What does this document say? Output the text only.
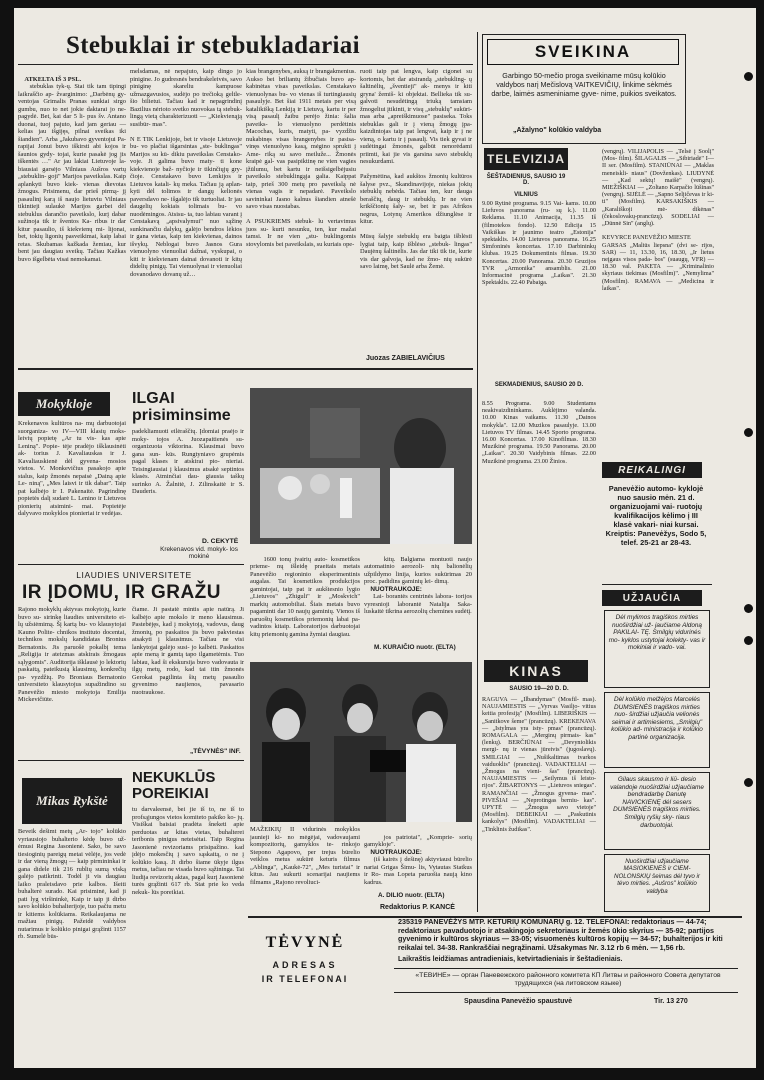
Stebuklai ir stebukladariai

ATKELTA IŠ 3 PSL.
stebuklas tyk‑ų. Stai tik tam tipingi laikraščio ap‑ žvarginimo: „Darbėnų gy‑ ventojas Grimalis Pranas sunkiai sirgo gumbu, nuo to net jokie daktarai jo ne‑ pagydė. Bet, kai dar 5 li‑ pus šv. Antano duonai, tuoj pajuto, kad jam geriau — kelias jau išgijęs, pilnai sveikas iki šiandien". Arba „Jakubavo gyventojui Pa‑ rapijai Jonui buvo iškirsti abi kojos ir šaunios gydy‑ tojai, kurie pasakė jog jis iškentės …" Ar jau lakiai Lietuvoje la‑ biausiai garsėjo Vilniaus Aušros vartų „stebuklin‑ goji" Marijos paveikslas. Kaip aplankyti buvo kiek‑ vienas dievotas žmogus. Prisimenu, dar prieš pirmą‑ jį pasaulinį karą iš naujo lietuviu Vilniaus tikintieji sulaukė Marijos garbei dėl stebuklus darančio paveikslo, kurį dabar sužinoja tik ir šventos Ka‑ ribus ir dar kitur pasaulio, iš kiekvienų mi‑ lijonai, bet, tokių ligonių pasveikimai, kaip labai retas. Skubamas kažkada žemiau, kur bent jau daugiau sveikų. Tačiau Kažkas buvo išgelbėta visai nemokamai.

melsdamas, nė nepajuto, kaip dingo jo pinigine. Jo gudresnės bendrakeleivės, savo piniginę skareliu kampuose užmazgavusios, sudėjo po trečioką geltle‑ šio bilietui. Tačiau kad ir nepagrindinį Bazilius nėrioto svetko nuovokas tą stebuk‑ lingą vietą charakterizuoti — „Kiekvienąją susibūr‑ mas".

N E TIK Lenkijoje, bet ir visoje Lietuvoje bu‑ vo plačiai išgarsintas „ste‑ buklingas" Marijos su kū‑ dikiu paveikslas Censtako‑ voje. Ji galima buvo maty‑ ti kone kiekvienoje baž‑ nyčioje ir tikinčiųjų gry‑ čioje. Censtakavo buvo Lenkijos ir Lietuvos katali‑ kų meka. Tačiau ją aplan‑ kyti dėl tolimos ir dangų kelionės paversdavo ne‑ išgalėjo tik turtuoliai. Ir jau daugelių kokiais tolimais bu‑ vo nuodėmingos. Atsisu‑ ta, tuo labiau varant į Censtakavą „apsivalymui" nuo sąžinę sunkinančiu dalykų, galėjo bendros lėkios ir gana vietas, kaip ten kiekvienas, dainos išvykų. Neblogai buvo Jasnos Gura vienuolyno vienuoliai dažnai, vyskupai, o kiti ir kiekvienam dainai dovanoti ir kitų didelių pinigų. Tai vienuolynai ir vienuoliai dovanodavo dovanų už…
kias brangenybes, auksą ir brangakmenius. Aukso bei briliantų žibučiais buvo ap‑ kabinėtas visas paveikslas. Censtakavo vienuolynas bu‑ vo vienas iš turtingiausių pasaulyje. Bet šiai 1911 metais per visą katalikišką Lenkiją ir Lietuvą, kartu ir per visą pasaulį žaibu perėjo žinia: šalia paveiks‑ lo vienuolyno perdėtinis Macochas, kuris, matyti, pa‑ vyzdžiu nukabinęs visas brangenybes ir pasisa‑ vinęs vienuolyno kasą, mėgino sprukti į Ame‑ riką su savo meiluže... Žmonės kraipė gal‑ vas pasipiktinę ne vien vagies įžūlumu, bet kartu ir neišsigelbėjusiu paveikslo stebuklingąja galia. Kaippat taip, prieš 300 metų pro paveikslą nė vienas vagis ir nepadarė. Paveikslo savininkai Jasno kalnus šiandien atnešė savo visas nuostabas.

A PSUKRIEMS stebuk‑ lu vertavimus juos su‑ kurti nesunku, ten, kur mažai tamsi. Ir ne vien „stu‑ buklingomis stovylomis bei paveikslais, su kuriais ope‑
ruoti taip pat lengva, kaip cigonei su kortomis, bet dar atsirandą „stebukling‑ ų šaltinėlių, „šventieji" ak‑ menys ir kiti gryna' žemiš‑ ki objektai. Bellieka tik su‑ galvoti nesudėtingą triuką tamsiam žmogeliui įtikinti, ir visų „stebuklų" sukūri‑ mas arba „apreiškimuose" pasiseka. Toks stebuklas gali ir į vieną žmogų įpa‑ kaizdintojas taip pat lengvai, kaip ir į ne vieną, o kartu ir į pasaulį. Vis tiek gyvai ir sudėtingai žmonės, galbūt nenorėdami priimti, kai jie vis garsina savo stebuklų nesukurdami.

Pažymėtina, kad aukštos žmonių kultūros šalyse pvz., Skandinavijoje, niekas jokių stebuklų nebėda. Tačiau ten, kur dauga beraščių, daug ir stebuklų. Ir ne vien krikščionių šaly‑ se, bet ir pas Afrikos negrus, Lotynų Amerikos džiunglėse ir kitur.

Mūsų šalyje stebuklų era baigta išblėsti lygiai taip, kaip išblėso „stebuk‑ lingas" Daujėnų šaltinėlis. Jas dar tiki tik tie, kurie vis dar galvoja, kad ne žmo‑ nių sukūrė savo laimę, bet Saulė arba Žemė.
Juozas ZABIELAVIČIUS
SVEIKINA
Garbingo 50-mečio proga sveikiname mūsų kolūkio valdybos narį Mečislovą VAITKEVIČIŲ, linkime sėkmės darbe, laimės asmeniniame gyve‑ nime, puikios sveikatos.
„Ažalyno" kolūkio valdyba
TELEVIZIJA
ŠEŠTADIENIUS, SAUSIO 19 D.
VILNIUS
9.00 Rytinė programa. 9.15 Vai‑ kams. 10.00 Liefuvos panorama (ru‑ sų k.). 11.00 Reklama. 11.10 Animacija, 11.35 Iš (filmotekos fondo). 12.50 Edicija 15 Vaikiškas ir jaunimo teatro „Estonija" spektaklis. 14.00 Lietuvos panorama. 16.25 Simfoninės koncertas. 17.10 Darbininkų klubas. 19.25 Dokumentinis filmas. 19.30 Koncertas. 20.00 Panorama. 20.30 Gruzijos TVR „Armonika" ansamblis. 21.00 Informacinė programa „Laikas". 21.30 Spektaklis. 22.40 Pabaiga.
SEKMADIENIUS, SAUSIO 20 D.
8.55 Programa. 9.00 Studentams neakivaizdininkams. Auklėjimo valanda. 10.00 Kinas vaikams. 11.30 „Dainos mokykla". 12.00 Muzikos pasaulyje. 13.00 Lietuvos TV filmas. 14.45 Sporto programa. 16.00 Koncertas. 17.00 Kinofilmas. 18.30 Muzikinė programa. 19.50 Panorama. 20.00 „Laikas". 20.30 Vaidybinis filmas. 22.00 Muzikinė programa. 23.00 Žinios.
(vengrų). VILIJAPOLIS — „Telsė į Soolį" (Mos‑ film). ŠILAGALIS — „Sibiriadė" I—II ser. (Mosfilm). STANIŪNAI — „Maklas meneiskli‑ niaus" (Dovženkas). LIUDYNĖ — „Kad sektų! maišė" (vengrų). MIEŽIŠKIAI — „Zoltano Karpačio lūšinas" (vengrų). SIJĖLĖ — „Sapno Seljičevas ir ki‑ ti" (Mosfilm). KARSAKIŠKIS — „Karališkoji mė‑ dikėnas" (čekoslovakų‑prancūzų). SODELIAI — „Dūnnė Sin" (anglų).

KEVYRCE PANEVĖŽIO MIESTE
GARSAS „Maliūs liepsna" (dvi se‑ rijos, SAR) — 11, 13.30, 16, 18.30, „Ir lietus neįgaus visos pada‑ bos" (suaugų, VFR) — 18.30 val. PAKETA — „Kriminalinio skyriaus tiekimas (Mosfilm)". „Nemylima" (Mosfilm). RAMAVA — „Medicina ir laikas".
REIKALINGI
Panevėžio automo‑ kyklojė nuo sausio mėn. 21 d. organizuojami vai‑ ruotojų kvalifikacijos kėlimo į III klasė vakari‑ niai kursai. Kreiptis: Panevėžys, Sodo 5, telef. 25‑21 ar 28‑43.
UŽJAUČIA
Dėl mylimos tragiškos mirties nuoširdžiai už‑ jaučiame Aldoną PAKILAI‑ TĘ. Smilgių vidurinės mo‑ kyklos ustytojai kolekty‑ vas ir mokiniai ir vado‑ vai.
Dėl kolūkio melžėjos Marcelės DUMSIENĖS tragiškos mirties nuo‑ širdžiai užjaučia velionės seimai ir artimiesiems, „Smilgių" kolūkio ad‑ ministracija ir kolūkio partinė organizacija.
Gilaus skausmo ir liū‑ desio valandoje nuoširdžiai užjaučiame bendradarbę Danutę NAVICKIENĘ dėl sesers DUMSIENĖS tragiškos mirties. Smilgių ryšių sky‑ riaus darbuotojai.
Nuoširdžiai užjaučiame MASIOKIENES ir CIEM‑ NOLONSKIŲ šeimas dėl tyvo ir tėvo mirties. „Aušros" kolūkio valdyba
KINAS
SAUSIO 19—20 D. D.
RAGUVA — „Ilbandymas" (Mosfil‑ mas). NAUJAMIESTIS — „Vyrvas Vasiljo‑ vitius keitia profesiją" (Mosfilm). LIBERIŠKIS — „Sanitkove šeme" (prancūzų). KREKENAVA — „Istylmas yra isty‑ pmas" (prancūzų). ROMAGALA — „Merginų pirmais‑ kas" (lenkų). BERČIŪNAI — „Devyniolikis mergi‑ nų ir vienas jūreivis" (jugoslavų). SMILGIAI — „Nušikaltimas tvarkos vaiduoklis" (prancūzų). VADAKTELIAI — „Žmogus na vieni‑ šas" (prancūzų). NAUJAMIESTIS — „Seilymus iš leisto‑ rijos". ŽIBARTONYS — „Lietuvos sniegas". RAMANČIAI — „Žmogus gyvena‑ mas". PIVEŠIAI — „Neprotingas berniu‑ kas". UPYTĖ — „Žmogus savo vietoje" (Mosfilm). DEBEIKIAI — „Paskutinis kankolys" (Mosfilm). VADAKTELIAI — „Tinklinis žudikas".
Mokykloje
Krekenavos kultūros na‑ mų darbuotojai suorganiza‑ vo IV—VIII klasių moks‑ leivių popietę „Ar tu vis‑ kas apie Leniną". Popie‑ tėje pradėjo išklausinėti ak‑ torius J. Kavaliauskas ir J. Kavaliauskienė dėl gyvena‑ mosios vietos. V. Monkevičius pasakojo apie stalus, kaip žmonės nepaisė „Dainą apie Le‑ niną", „Mes laisvi ir tik dabar". Taip pat kalbėjo ir I. Pakenaitė. Pagrindinę popietės dalį sudarė L. Lenino ir Lietuvos pionierių atsimini‑ mai. Popietėje dalyvavo mokyklos pionieriai ir vedėjas.
ILGAI prisiminsime
padekliamuoti eilėraščių. Įdomiai praėjo ir moky‑ tojos A. Juozapaitienės su‑ organizuota viktorina. Klausimai buvo gana sun‑ kūs. Rungtyniavo grupėmis pagal klases ir atskirai pio‑ nieriai. Teisingiausiai į klausimus atsakė septintos klasės. Atminčiai dau‑ giausia taškų surinko A. Žalnitė, J. Zilinskaitė ir S. Dauderis.
D. CEKYTĖ
Krekenavos vid. mokyk‑ los mokinė	1600 tonų įvairių auto‑ kosmetikos prieme‑ nų išleidę praeitais metais Panevėžio regioninio eksperimentinis augalas. Tai kosmetikos produkcijos gamintojai, taip pat ir aukštesnio lygio „Lietuvos" „Zhiguli" ir „Moskvich" markių automobiliai. Šiais metais buvo pagaminti dar 10 naujų gaminių. Vienos iš paruoštų kosmetikos priemonių labai pa‑ vadintos kitaip. Laboratorijos darbuotojai kitų priemonių gamina žymiai daugiau.

kitų. Balgiama montuoti naujo automatinio aerozoli‑ nių balionėlių užpildymo linija, kurios sukūrimas 20 proc. padidins gaminių lei‑ dimą.
NUOTRAUKOJE:
Lai‑ borantės centrinės labora‑ torijos vyresnioji laborantė Natalija Saka‑ luskaitė tikrina aerozolių chemines sudėtį.

M. KURAIČIO nuotr. (ELTA)
LIAUDIES UNIVERSITETE
IR ĮDOMU, IR GRAŽU
Rajono mokyklų aktyvas mokytojų, kurie buvo su‑ sirinkę liaudies universiteto ei‑ lų užsiėmimą. Šį kartą bu‑ vo klausytojai Kauno Polite‑ chnikos instituto docentai, technikos mokslų kandidatas Bronius Bernatonis. Jis paruošė pokalbį tema „Religija ir ateizmas atskirais žmogaus sąlygomis". Auditorija išklausė jo lektorių paskaitą, pateikusią klausimų, konkrečių pa‑ vyzdžių. Po Broniaus Bernatonio universiteto klausytojus supažindino su Panevėžio miesto mokytoja Emilija Mickevičiūte.
čiame. Ji pastatė mintis apie natūrą. Ji kalbėjo apie mokslo ir meno klausimus. Pastebėjęs, kad į mokytoją, vadovus, daug žmonių, po paskaitos jis buvo pakviestas atsakyti į klausimus. Tačiau ne visi lankytojai galėjo susi‑ jo kalbėti. Paskaitos apie meną ir gamtą tapo ilgametėmis. Tuo labiau, kad ši ekskursija buvo vadovauta ir ilgų metų, rodo, kad tai itin žmonės Gerokai pagilinta šių metų pasaulio gyvenimo naujienos, pavasario nuotraukose.
„TĖVYNĖS" INF.
MAŽEIKIŲ II vidurinės mokyklos jaunieji ki‑ no mėgėjai, vadovaujami kompozitorių, gamyklos te‑ rinkojo Stepono Agapovo, per trejus būrelio veiklos metus sukūrė keturis filmus „Ablinga", „Kaukė‑72", „Mes turistai" ir kitus. Jau sukurti scenarijai naujiems filmams „Rajono revoliuci‑

jos patriotai", „Komprie‑ sorių gamykloje".
NUOTRAUKOJE:
(iš kairės į dešinę) aktyviausi būrelio nariai Grigas Šimu‑ lis, Vytautas Statkus ir Ro‑ mas Lopeta paruošia naują kino kadrus.

A. DILIO nuotr. (ELTA)
Redaktorius P. KANCĖ
Mikas Rykštė
Beveik dešimt metų „Ar‑ tojo" kolūkio vyriausiojo buhalterio kėdę buvo už‑ ėmusi Regina Jasonienė. Sako, be savo tiesioginių pareigų metai vėlėje, jos vedė ir dar vieną žmogų — kaip pirmininkai ir gana didele tik 216 rublių sumą viską galėjo patikrinti. Todėl ji vis daugiau laiko praleisdavo prie kalbos. Išeiti buhalterė surado. Kai prisiminė, kad ji pati lyg viršininkė, Kaip ir taip ji dirbo savo kolūkio buhalterijoje, tuo pačiu metu ir kitiems kolūkiams. Reikalaujama ne mažiau pinigų. Pažeidė valdybos nutarimus ir kolūkio pinigai grąžinti 1157 rb. Sumelė būs‑
NEKUKLŪS POREIKIAI
tu darvaleensė, bei jie iš to, ne iš to profsąjungos vietos komiteto pakiko ko‑ jų. Visiškai baisiai pradėta šneketi apie perduotas ar kitas vietas, buhalterei teribonis pinigus neteisėtai. Taip Regina Jasonienė revizoriams prisipažino. kad įdėjo mokesčių į savo sąskaitą, o ne į kolūkio kasą. Ji dirbo šiame ūkyje ilgus metus, tačiau ne visada buvo sąžininga. Tai liudija revizorių aktas, pagal kurį Jasonienė turės grąžinti 617 rb. Stat prie ko veda nekuk‑ lūs poreikiai.
TĖVYNĖ
ADRESAS
IR TELEFONAI
235319 PANEVĖŽYS MTP. KETURIŲ KOMUNARŲ g. 12. TELEFONAI: redaktoriaus — 44‑74; redaktoriaus pavaduotojo ir atsakingojo sekretoriaus ir žemės ūkio skyrius — 35‑92; partijos gyvenimo ir kultūros skyriaus — 33‑05; visuomenės kultūros kopijų — 34‑57; buhalterijos ir kiti reikalai tel. 34‑38. Rankraščiai negrąžinami. Užsakymas Nr. 3.12 rb 6 mėn. — 1,56 rb.
Laikraštis leidžiamas antradieniais, ketvirtadieniais ir šeštadieniais.
«ТЕВИНЕ» — орган Паневежского районного комитета КП Литвы и районного Совета депутатов трудящихся (на литовском языке)
Spausdina Panevėžio spaustuvė	Tir. 13 270
